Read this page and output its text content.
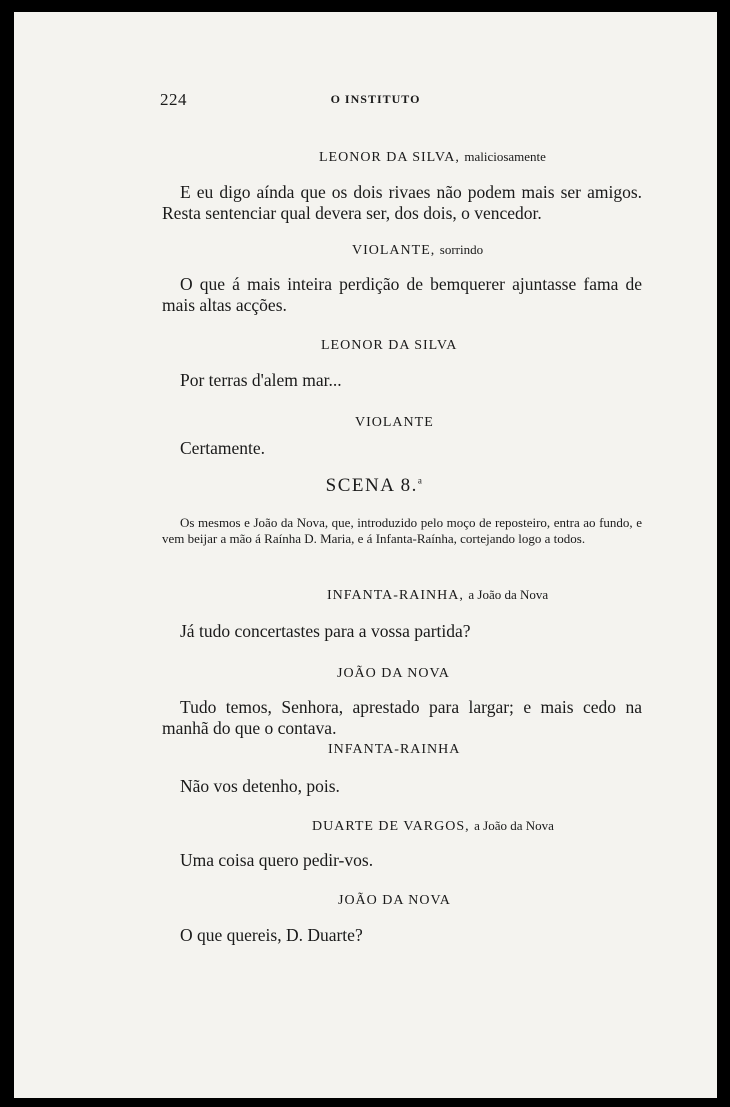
224	O INSTITUTO
LEONOR DA SILVA, maliciosamente
E eu digo aínda que os dois rivaes não podem mais ser amigos. Resta sentenciar qual devera ser, dos dois, o vencedor.
VIOLANTE, sorrindo
O que á mais inteira perdição de bemquerer ajuntasse fama de mais altas acções.
LEONOR DA SILVA
Por terras d'alem mar...
VIOLANTE
Certamente.
SCENA 8.$^a$
Os mesmos e João da Nova, que, introduzido pelo moço de reposteiro, entra ao fundo, e vem beijar a mão á Raínha D. Maria, e á Infanta-Raínha, cortejando logo a todos.
INFANTA-RAINHA, a João da Nova
Já tudo concertastes para a vossa partida?
JOÃO DA NOVA
Tudo temos, Senhora, aprestado para largar; e mais cedo na manhã do que o contava.
INFANTA-RAINHA
Não vos detenho, pois.
DUARTE DE VARGOS, a João da Nova
Uma coisa quero pedir-vos.
JOÃO DA NOVA
O que quereis, D. Duarte?
